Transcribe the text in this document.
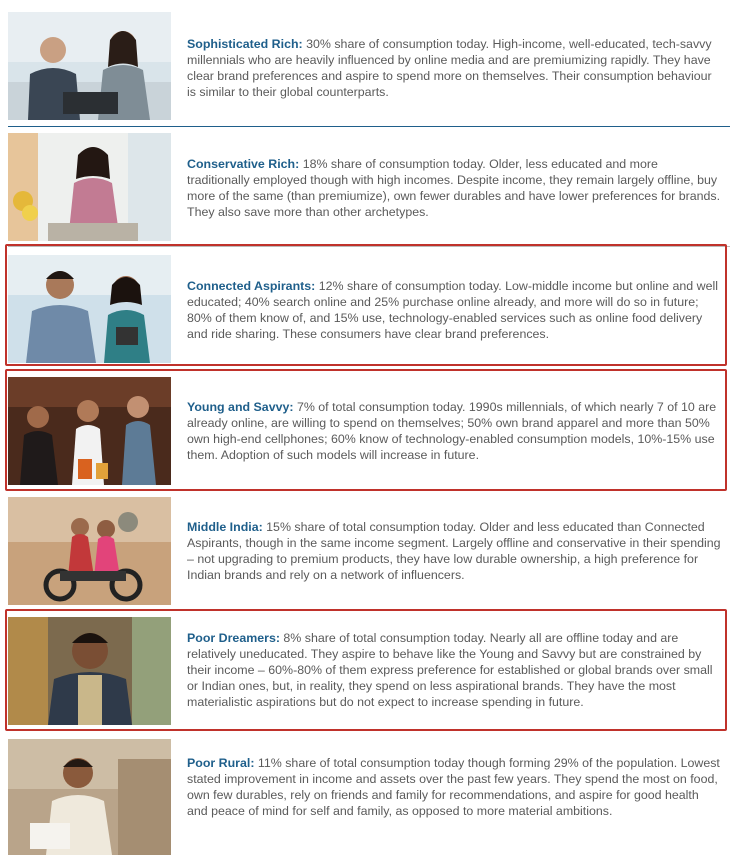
Sophisticated Rich: 30% share of consumption today. High-income, well-educated, tech-savvy millennials who are heavily influenced by online media and are premiumizing rapidly. They have clear brand preferences and aspire to spend more on themselves. Their consumption behaviour is similar to their global counterparts.
Conservative Rich: 18% share of consumption today. Older, less educated and more traditionally employed though with high incomes. Despite income, they remain largely offline, buy more of the same (than premiumize), own fewer durables and have lower preferences for brands. They also save more than other archetypes.
Connected Aspirants: 12% share of consumption today. Low-middle income but online and well educated; 40% search online and 25% purchase online already, and more will do so in future; 80% of them know of, and 15% use, technology-enabled services such as online food delivery and ride sharing. These consumers have clear brand preferences.
Young and Savvy: 7% of total consumption today. 1990s millennials, of which nearly 7 of 10 are already online, are willing to spend on themselves; 50% own brand apparel and more than 50% own high-end cellphones; 60% know of technology-enabled consumption models, 10%-15% use them. Adoption of such models will increase in future.
Middle India: 15% share of total consumption today. Older and less educated than Connected Aspirants, though in the same income segment. Largely offline and conservative in their spending – not upgrading to premium products, they have low durable ownership, a high preference for Indian brands and rely on a network of influencers.
Poor Dreamers: 8% share of total consumption today. Nearly all are offline today and are relatively uneducated. They aspire to behave like the Young and Savvy but are constrained by their income – 60%-80% of them express preference for established or global brands over small or Indian ones, but, in reality, they spend on less aspirational brands. They have the most materialistic aspirations but do not expect to increase spending in future.
Poor Rural: 11% share of total consumption today though forming 29% of the population. Lowest stated improvement in income and assets over the past few years. They spend the most on food, own few durables, rely on friends and family for recommendations, and aspire for good health and peace of mind for self and family, as opposed to more material ambitions.
